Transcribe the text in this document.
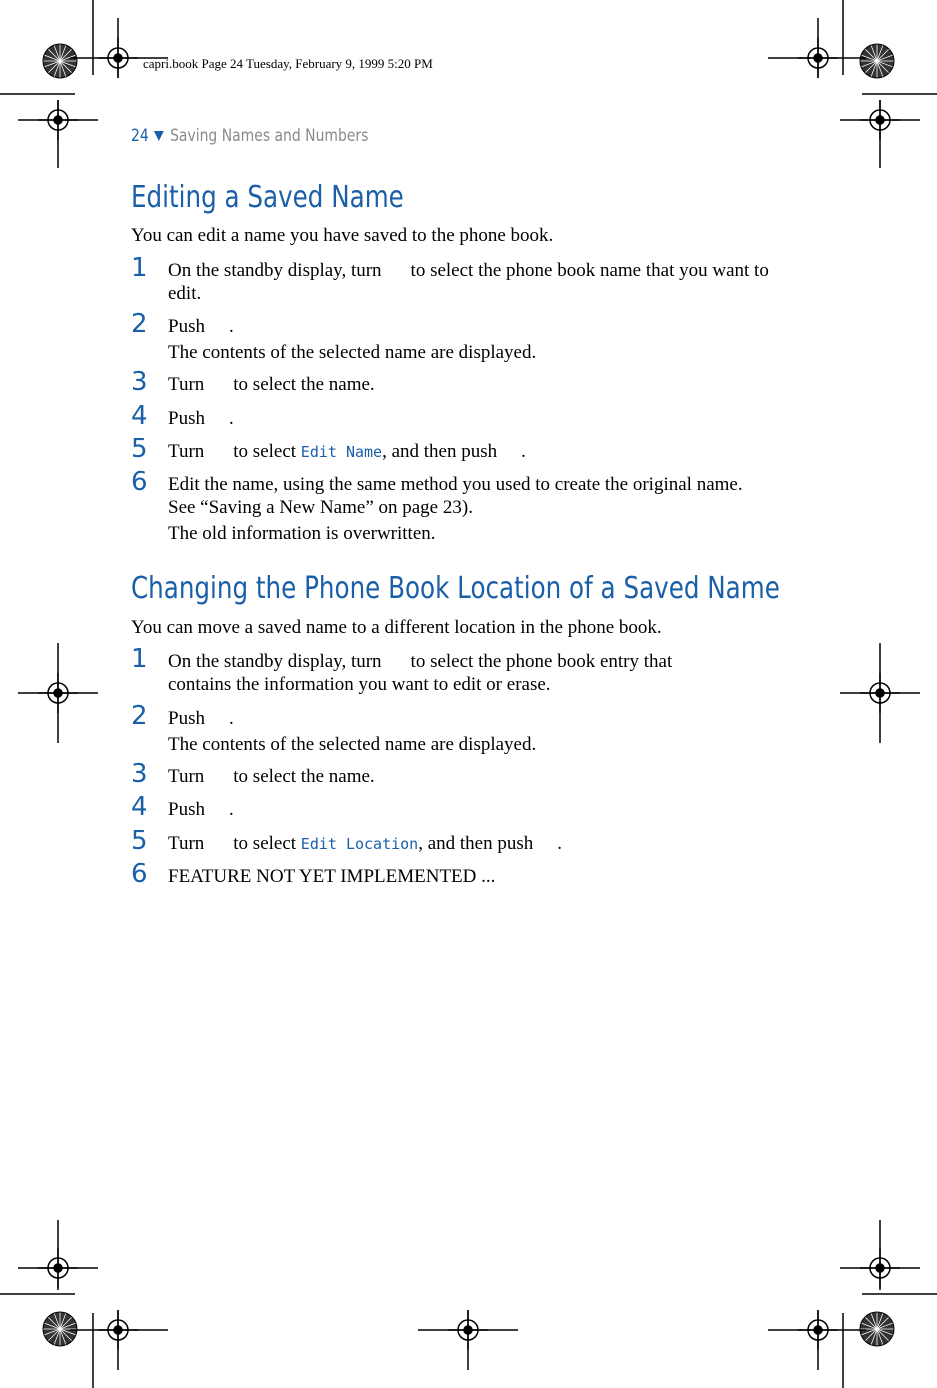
capri.book Page 24 Tuesday, February 9, 1999 5:20 PM
24 Saving Names and Numbers
Editing a Saved Name
You can edit a name you have saved to the phone book.
1 On the standby display, turn to select the phone book name that you want to edit.
2 Push .
The contents of the selected name are displayed.
3 Turn to select the name.
4 Push .
5 Turn to select Edit Name, and then push .
6 Edit the name, using the same method you used to create the original name. See “Saving a New Name” on page 23).
The old information is overwritten.
Changing the Phone Book Location of a Saved Name
You can move a saved name to a different location in the phone book.
1 On the standby display, turn to select the phone book entry that contains the information you want to edit or erase.
2 Push .
The contents of the selected name are displayed.
3 Turn to select the name.
4 Push .
5 Turn to select Edit Location, and then push .
6 FEATURE NOT YET IMPLEMENTED ...
